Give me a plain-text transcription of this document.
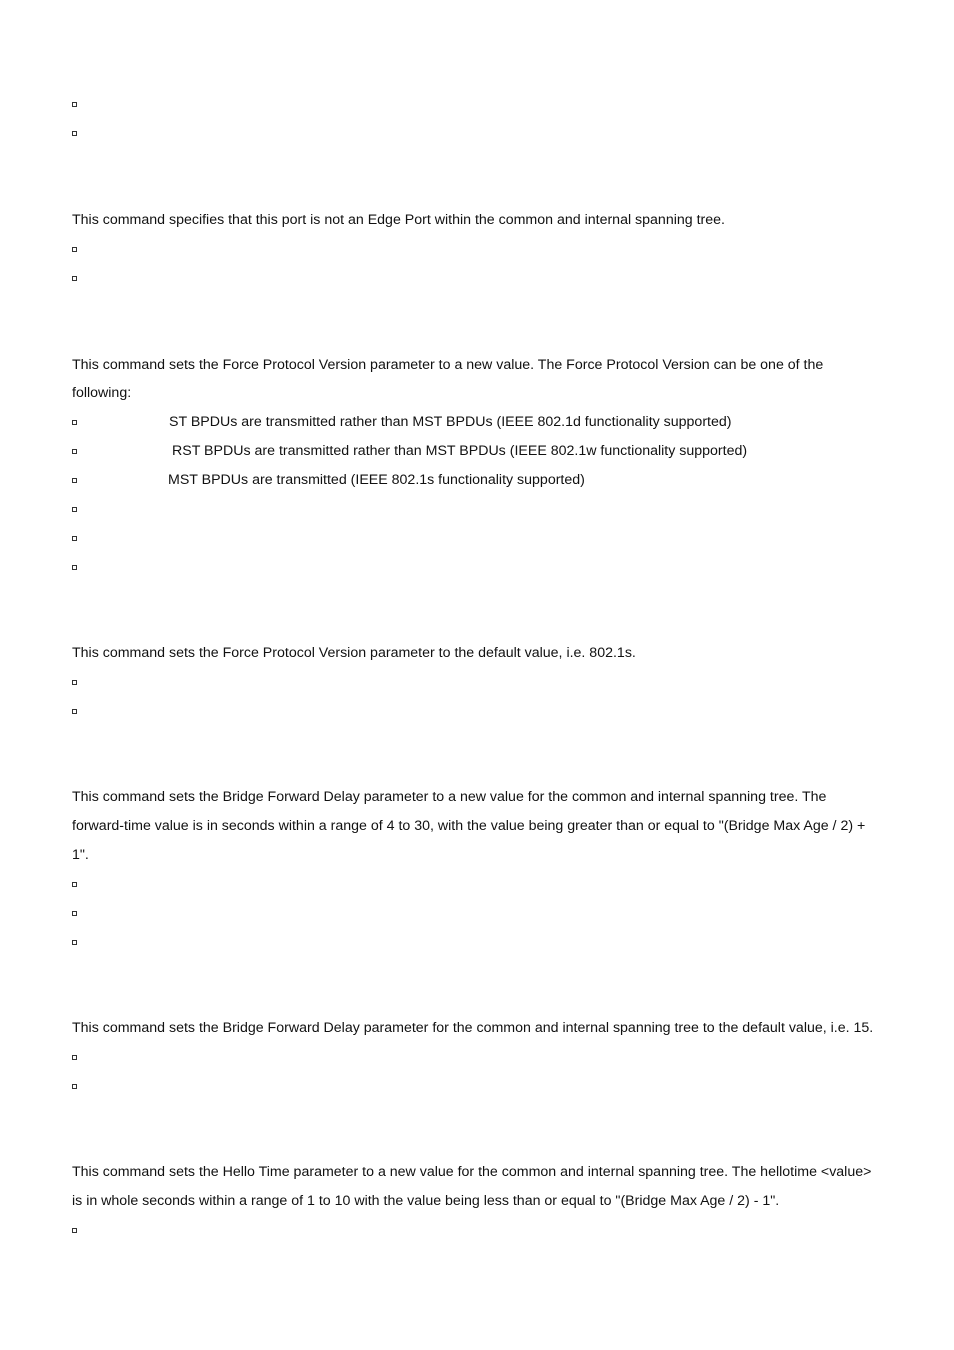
This command specifies that this port is not an Edge Port within the common and internal spanning tree.
This command sets the Force Protocol Version parameter to a new value. The Force Protocol Version can be one of the
following:
ST BPDUs are transmitted rather than MST BPDUs (IEEE 802.1d functionality supported)
RST BPDUs are transmitted rather than MST BPDUs (IEEE 802.1w functionality supported)
MST BPDUs are transmitted (IEEE 802.1s functionality supported)
This command sets the Force Protocol Version parameter to the default value, i.e. 802.1s.
This command sets the Bridge Forward Delay parameter to a new value for the common and internal spanning tree. The
forward-time value is in seconds within a range of 4 to 30, with the value being greater than or equal to "(Bridge Max Age / 2) +
1".
This command sets the Bridge Forward Delay parameter for the common and internal spanning tree to the default value, i.e. 15.
This command sets the Hello Time parameter to a new value for the common and internal spanning tree. The hellotime <value>
is in whole seconds within a range of 1 to 10 with the value being less than or equal to "(Bridge Max Age / 2) - 1".
